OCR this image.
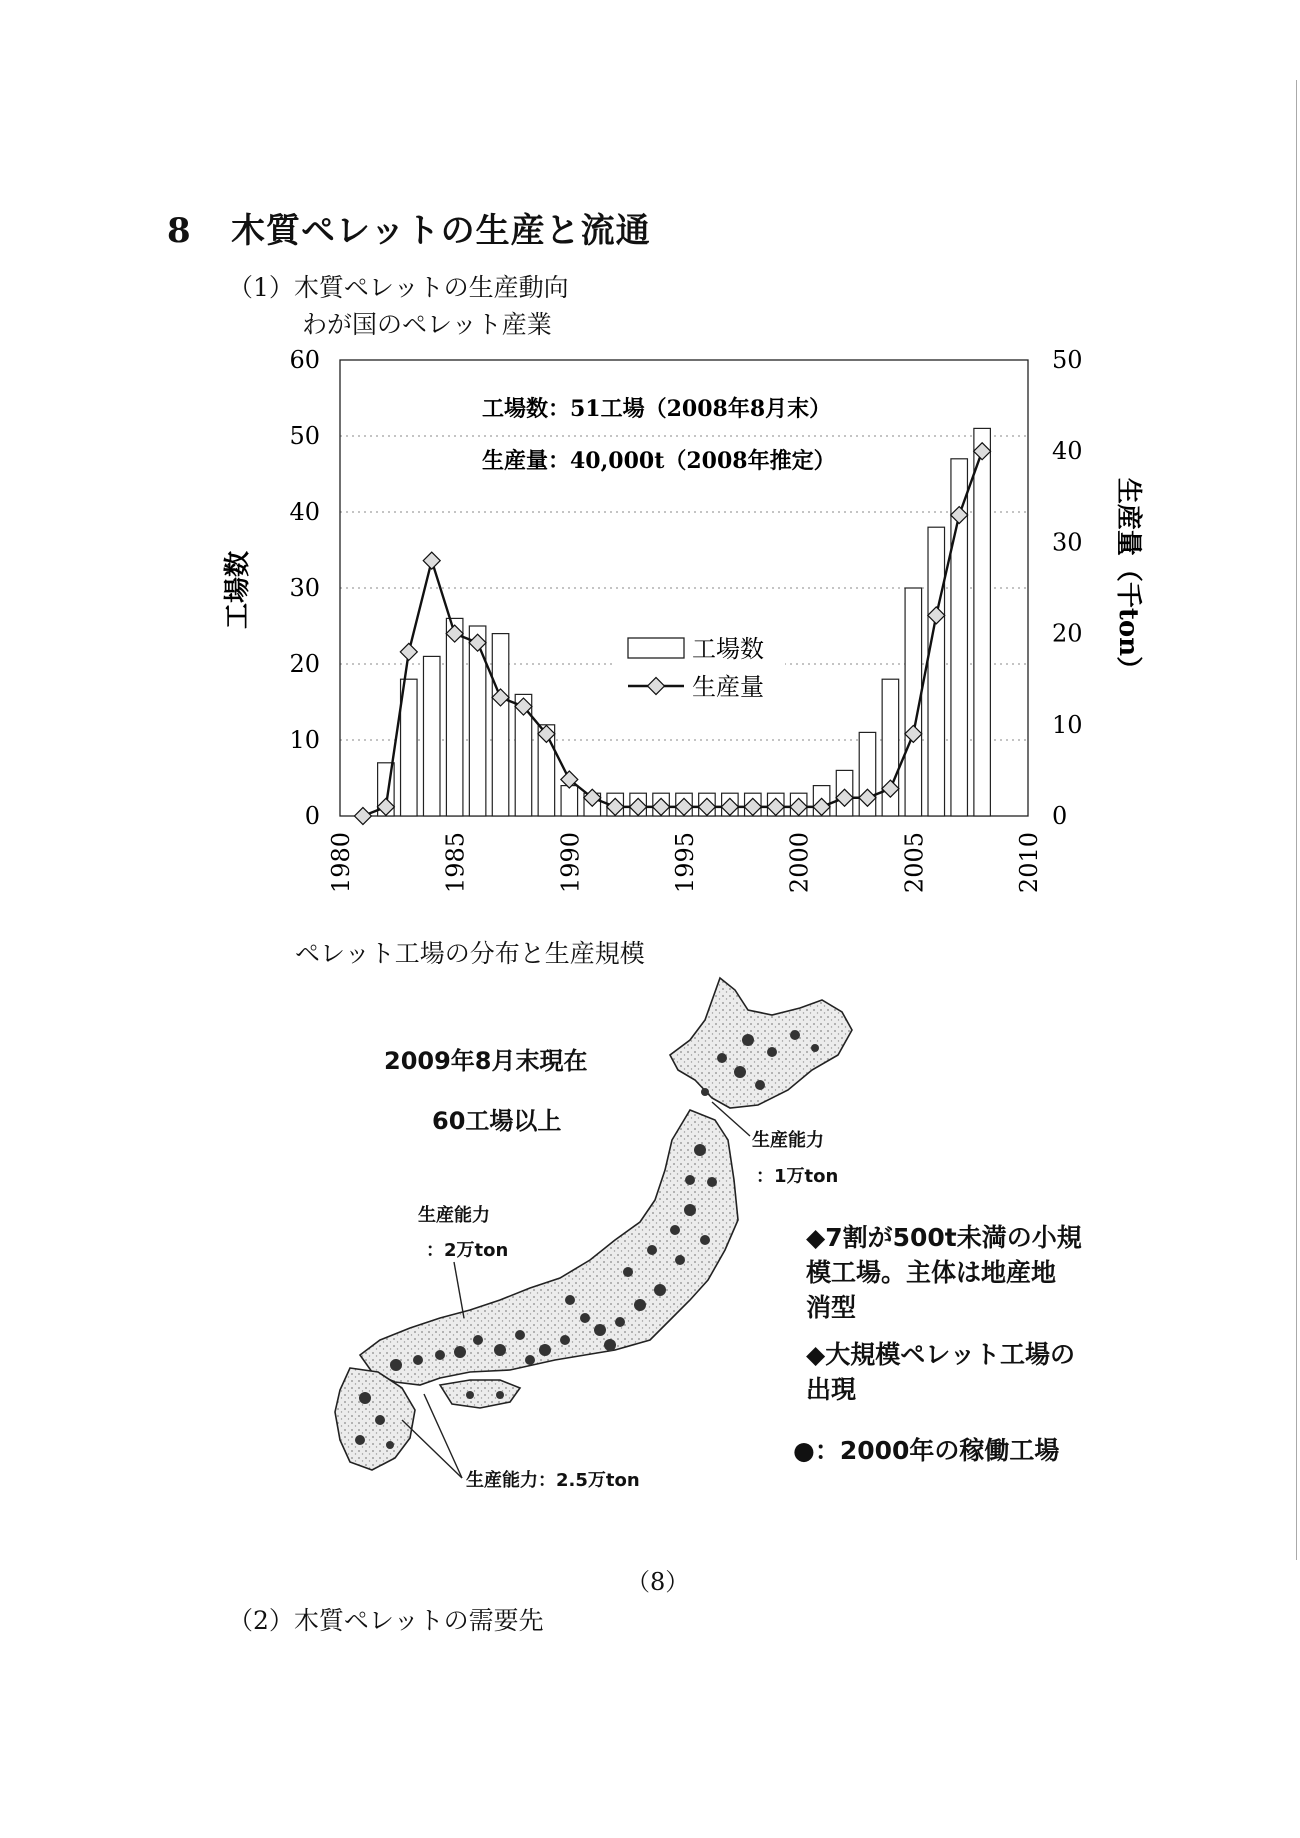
8 木質ペレットの生産と流通
（1）木質ペレットの生産動向
わが国のペレット産業
0
10
20
30
40
50
60
0
10
20
30
40
50
1980	1985	1990	1995	2000	2005	2010
工場数	生産量（千ton）
工場数：51工場（2008年8月末）
生産量：40,000t（2008年推定）
工場数
生産量
ペレット工場の分布と生産規模
2009年8月末現在
60工場以上
生産能力
：1万ton
生産能力
：2万ton
生産能力：2.5万ton
◆7割が500t未満の小規
模工場。主体は地産地
消型
◆大規模ペレット工場の
出現
●：2000年の稼働工場
（8）
（2）木質ペレットの需要先
